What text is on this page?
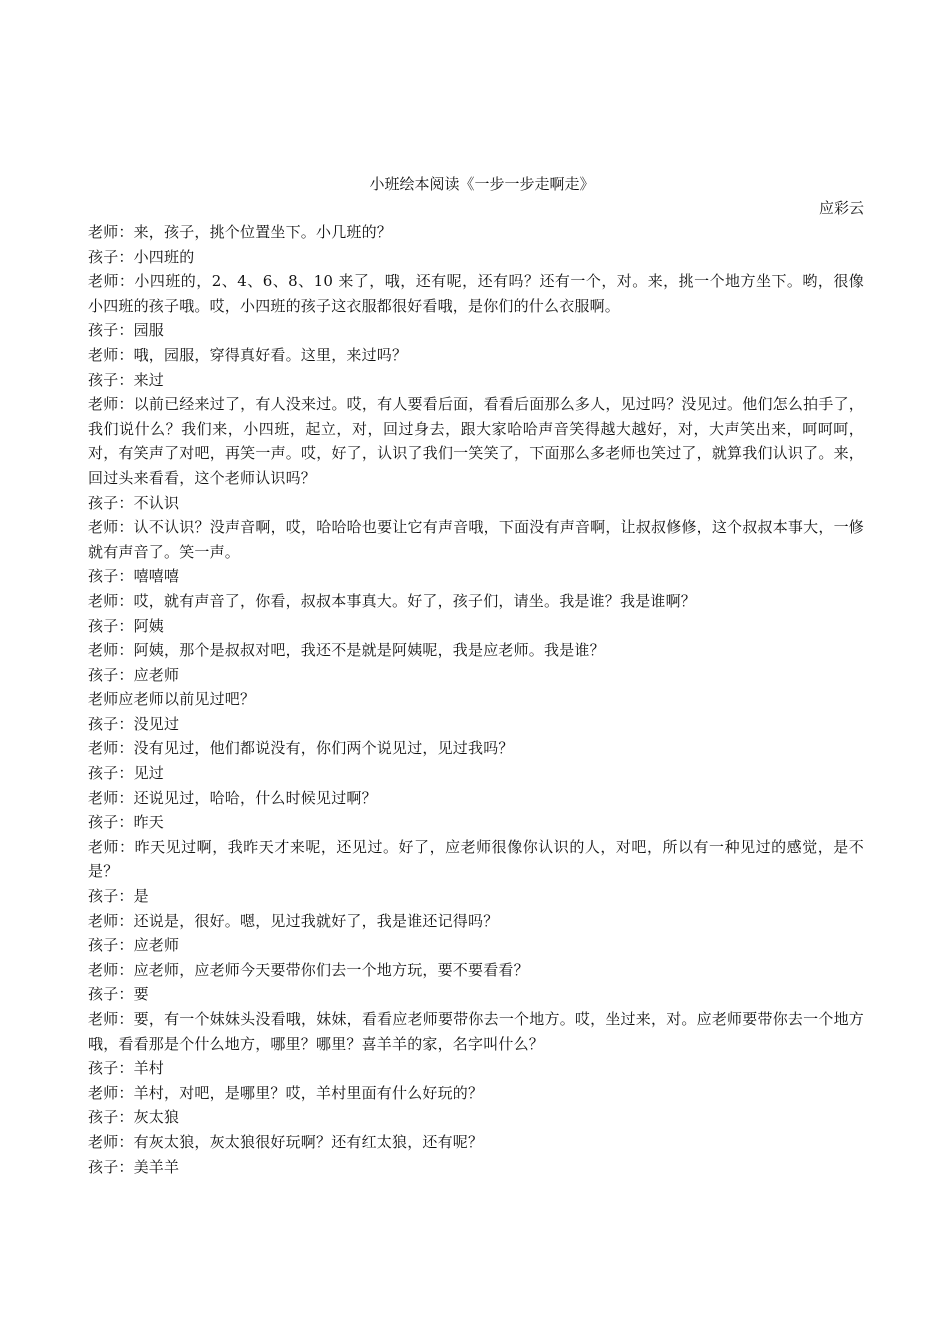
小班绘本阅读《一步一步走啊走》
应彩云
老师：来，孩子，挑个位置坐下。小几班的？
孩子：小四班的
老师：小四班的，2、4、6、8、10 来了，哦，还有呢，还有吗？还有一个，对。来，挑一个地方坐下。哟，很像小四班的孩子哦。哎，小四班的孩子这衣服都很好看哦，是你们的什么衣服啊。
孩子：园服
老师：哦，园服，穿得真好看。这里，来过吗？
孩子：来过
老师：以前已经来过了，有人没来过。哎，有人要看后面，看看后面那么多人，见过吗？没见过。他们怎么拍手了，我们说什么？我们来，小四班，起立，对，回过身去，跟大家哈哈声音笑得越大越好，对，大声笑出来，呵呵呵，对，有笑声了对吧，再笑一声。哎，好了，认识了我们一笑笑了，下面那么多老师也笑过了，就算我们认识了。来，回过头来看看，这个老师认识吗？
孩子：不认识
老师：认不认识？没声音啊，哎，哈哈哈也要让它有声音哦，下面没有声音啊，让叔叔修修，这个叔叔本事大，一修就有声音了。笑一声。
孩子：嘻嘻嘻
老师：哎，就有声音了，你看，叔叔本事真大。好了，孩子们，请坐。我是谁？我是谁啊？
孩子：阿姨
老师：阿姨，那个是叔叔对吧，我还不是就是阿姨呢，我是应老师。我是谁？
孩子：应老师
老师应老师以前见过吧？
孩子：没见过
老师：没有见过，他们都说没有，你们两个说见过，见过我吗？
孩子：见过
老师：还说见过，哈哈，什么时候见过啊？
孩子：昨天
老师：昨天见过啊，我昨天才来呢，还见过。好了，应老师很像你认识的人，对吧，所以有一种见过的感觉，是不是？
孩子：是
老师：还说是，很好。嗯，见过我就好了，我是谁还记得吗？
孩子：应老师
老师：应老师，应老师今天要带你们去一个地方玩，要不要看看？
孩子：要
老师：要，有一个妹妹头没看哦，妹妹，看看应老师要带你去一个地方。哎，坐过来，对。应老师要带你去一个地方哦，看看那是个什么地方，哪里？哪里？喜羊羊的家，名字叫什么？
孩子：羊村
老师：羊村，对吧，是哪里？哎，羊村里面有什么好玩的？
孩子：灰太狼
老师：有灰太狼，灰太狼很好玩啊？还有红太狼，还有呢？
孩子：美羊羊
